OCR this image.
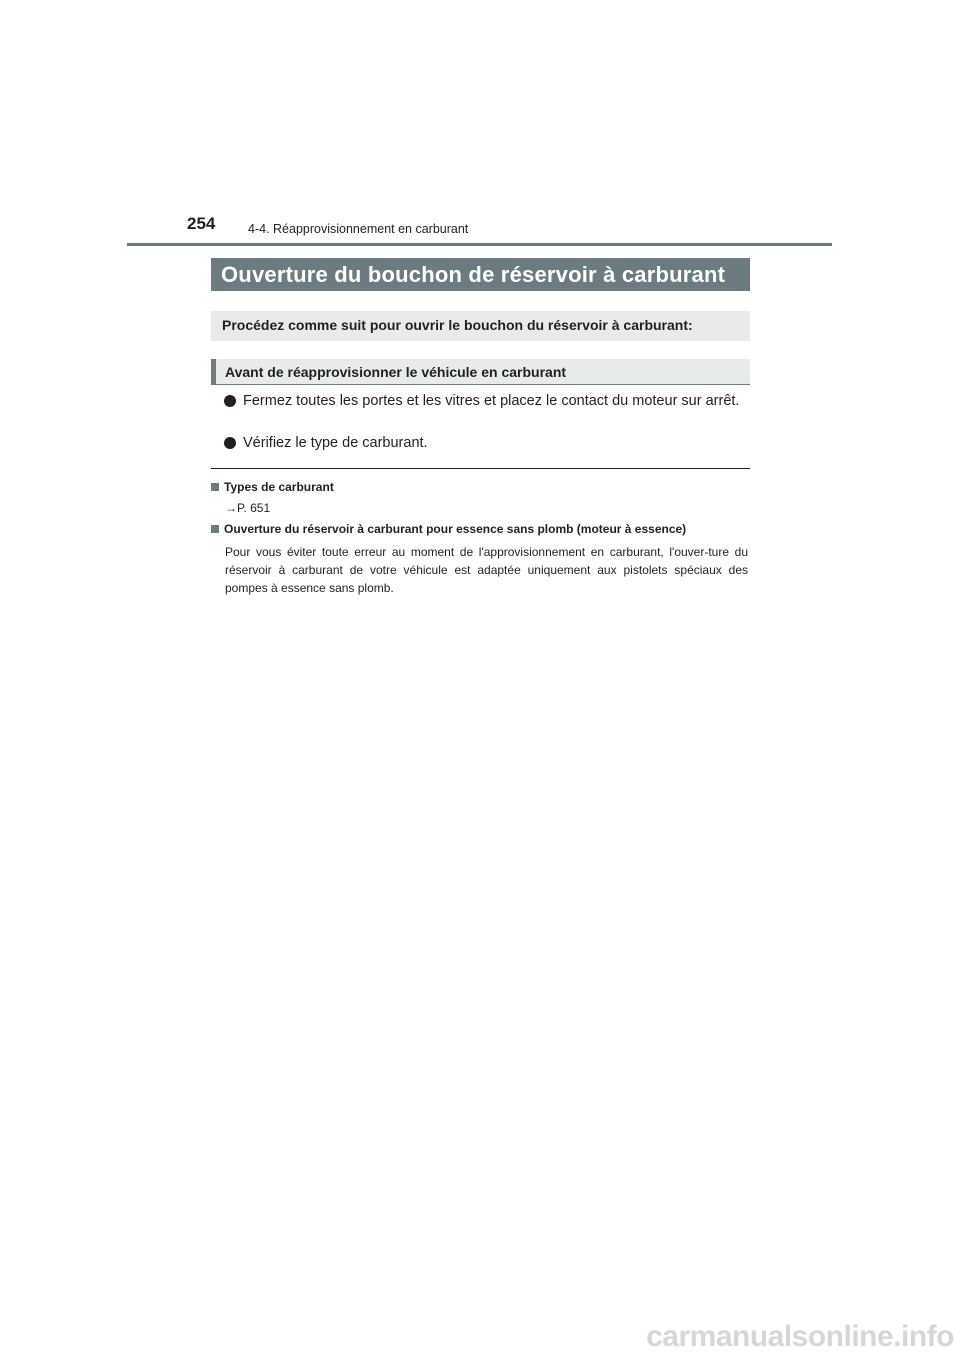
254	4-4. Réapprovisionnement en carburant
Ouverture du bouchon de réservoir à carburant
Procédez comme suit pour ouvrir le bouchon du réservoir à carburant:
Avant de réapprovisionner le véhicule en carburant
Fermez toutes les portes et les vitres et placez le contact du moteur sur arrêt.
Vérifiez le type de carburant.
Types de carburant
→P. 651
Ouverture du réservoir à carburant pour essence sans plomb (moteur à essence)
Pour vous éviter toute erreur au moment de l'approvisionnement en carburant, l'ouver-ture du réservoir à carburant de votre véhicule est adaptée uniquement aux pistolets spéciaux des pompes à essence sans plomb.
carmanualsonline.info
